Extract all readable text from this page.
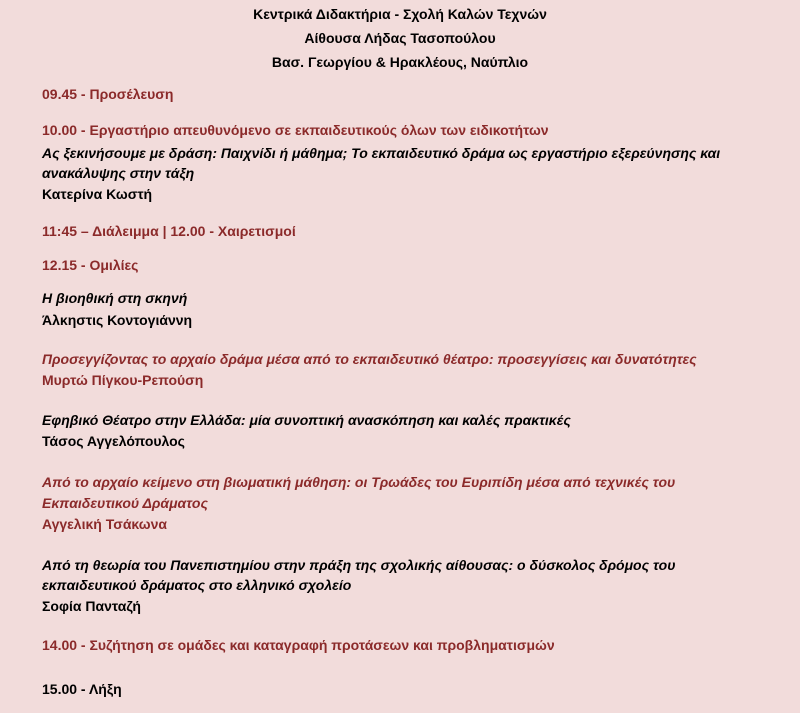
Κεντρικά Διδακτήρια - Σχολή Καλών Τεχνών
Αίθουσα Λήδας Τασοπούλου
Βασ. Γεωργίου & Ηρακλέους, Ναύπλιο
09.45 - Προσέλευση
10.00 - Εργαστήριο απευθυνόμενο σε εκπαιδευτικούς όλων των ειδικοτήτων
Ας ξεκινήσουμε με δράση: Παιχνίδι ή μάθημα; Το εκπαιδευτικό δράμα ως εργαστήριο εξερεύνησης και
ανακάλυψης στην τάξη
Κατερίνα Κωστή
11:45 – Διάλειμμα | 12.00 - Χαιρετισμοί
12.15 - Ομιλίες
Η βιοηθική στη σκηνή
Άλκηστις Κοντογιάννη
Προσεγγίζοντας το αρχαίο δράμα μέσα από το εκπαιδευτικό θέατρο: προσεγγίσεις και δυνατότητες
Μυρτώ Πίγκου-Ρεπούση
Εφηβικό Θέατρο στην Ελλάδα: μία συνοπτική ανασκόπηση και καλές πρακτικές
Τάσος Αγγελόπουλος
Από το αρχαίο κείμενο στη βιωματική μάθηση: οι Τρωάδες του Ευριπίδη μέσα από τεχνικές του
Εκπαιδευτικού Δράματος
Αγγελική Τσάκωνα
Από τη θεωρία του Πανεπιστημίου στην πράξη της σχολικής αίθουσας: ο δύσκολος δρόμος του
εκπαιδευτικού δράματος στο ελληνικό σχολείο
Σοφία Πανταζή
14.00 - Συζήτηση σε ομάδες και καταγραφή προτάσεων και προβληματισμών
15.00 - Λήξη
